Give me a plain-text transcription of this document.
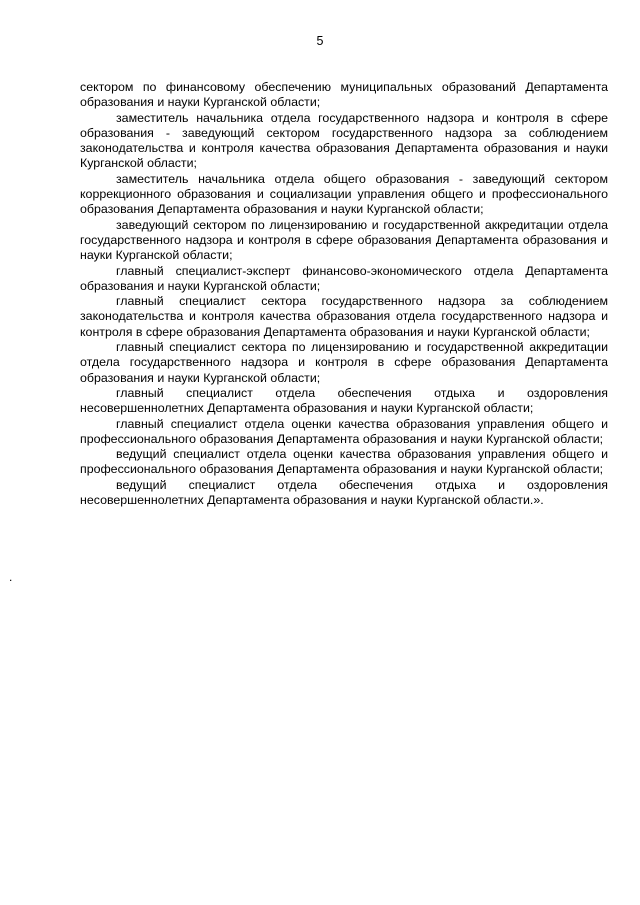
5

сектором по финансовому обеспечению муниципальных образований Департамента образования и науки Курганской области;

заместитель начальника отдела государственного надзора и контроля в сфере образования - заведующий сектором государственного надзора за соблюдением законодательства и контроля качества образования Департамента образования и науки Курганской области;

заместитель начальника отдела общего образования - заведующий сектором коррекционного образования и социализации управления общего и профессионального образования Департамента образования и науки Курганской области;

заведующий сектором по лицензированию и государственной аккредитации отдела государственного надзора и контроля в сфере образования Департамента образования и науки Курганской области;

главный специалист-эксперт финансово-экономического отдела Департамента образования и науки Курганской области;

главный специалист сектора государственного надзора за соблюдением законодательства и контроля качества образования отдела государственного надзора и контроля в сфере образования Департамента образования и науки Курганской области;

главный специалист сектора по лицензированию и государственной аккредитации отдела государственного надзора и контроля в сфере образования Департамента образования и науки Курганской области;

главный специалист отдела обеспечения отдыха и оздоровления несовершеннолетних Департамента образования и науки Курганской области;

главный специалист отдела оценки качества образования управления общего и профессионального образования Департамента образования и науки Курганской области;

ведущий специалист отдела оценки качества образования управления общего и профессионального образования Департамента образования и науки Курганской области;

ведущий специалист отдела обеспечения отдыха и оздоровления несовершеннолетних Департамента образования и науки Курганской области.».

.
